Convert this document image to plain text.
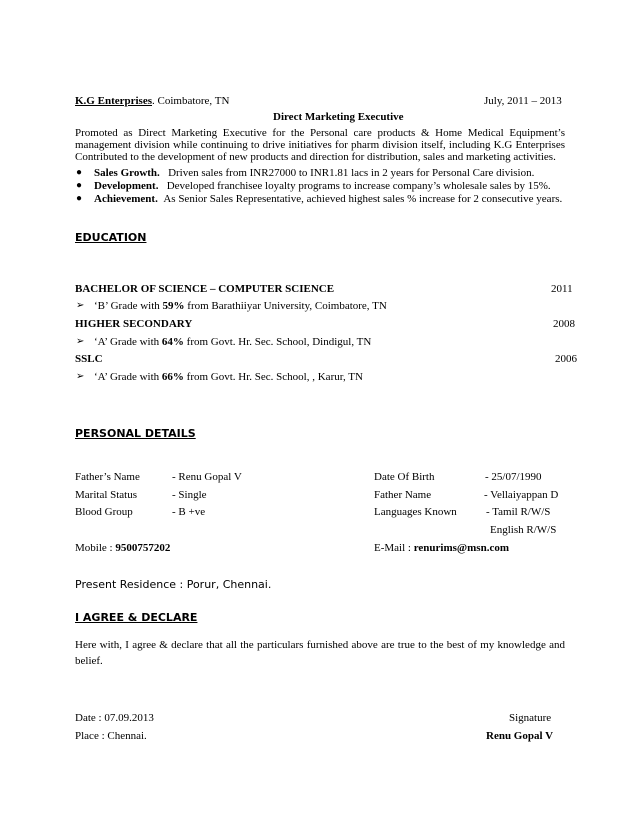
K.G Enterprises. Coimbatore, TN	July, 2011 – 2013
Direct Marketing Executive
Promoted as Direct Marketing Executive for the Personal care products & Home Medical Equipment’s management division while continuing to drive initiatives for pharm division itself, including K.G Enterprises Contributed to the development of new products and direction for distribution, sales and marketing activities.
● Sales Growth. Driven sales from INR27000 to INR1.81 lacs in 2 years for Personal Care division.
● Development. Developed franchisee loyalty programs to increase company’s wholesale sales by 15%.
● Achievement. As Senior Sales Representative, achieved highest sales % increase for 2 consecutive years.
EDUCATION
BACHELOR OF SCIENCE – COMPUTER SCIENCE	2011
➢ ‘B’ Grade with 59% from Barathiiyar University, Coimbatore, TN
HIGHER SECONDARY	2008
➢ ‘A’ Grade with 64% from Govt. Hr. Sec. School, Dindigul, TN
SSLC	2006
➢ ‘A’ Grade with 66% from Govt. Hr. Sec. School, , Karur, TN
PERSONAL DETAILS
Father’s Name	- Renu Gopal V	Date Of Birth	- 25/07/1990
Marital Status	- Single	Father Name	- Vellaiyappan D
Blood Group	- B +ve	Languages Known	- Tamil R/W/S
English R/W/S
Mobile : 9500757202	E-Mail : renurims@msn.com
Present Residence : Porur, Chennai.
I AGREE & DECLARE
Here with, I agree & declare that all the particulars furnished above are true to the best of my knowledge and belief.
Date : 07.09.2013	Signature
Place : Chennai.	Renu Gopal V
